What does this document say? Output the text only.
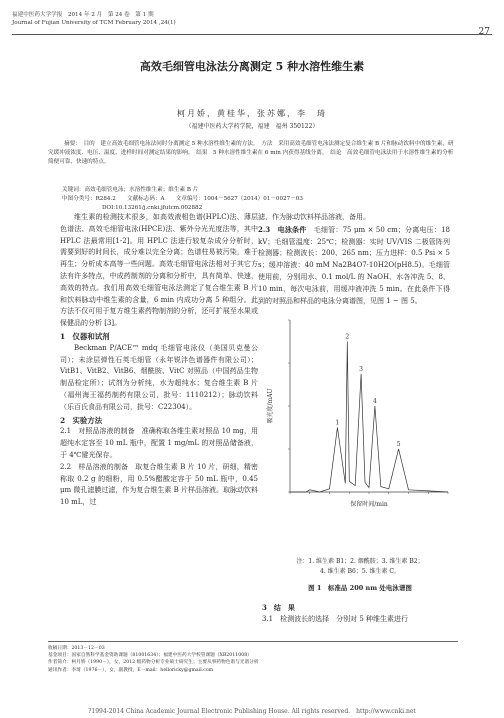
福建中医药大学学报　2014 年 2 月　第 24 卷　第 1 期
Journal of Fujian University of TCM February 2014 ,24(1)
27
高效毛细管电泳法分离测定 5 种水溶性维生素
柯月娇，黄桂华，张苏娜，李　琦
（福建中医药大学药学院，福建　福州 350122）
摘要：　目的　建立高效毛细管电泳法同时分离测定 5 种水溶性维生素的方法。　方法　采用高效毛细管电泳法测定复合维生素 B 片和脉动饮料中的维生素，研究缓冲液浓度、电压、温度、进样时间对测定结果的影响。　结果　5 种水溶性维生素在 6 min 内获得基线分离。　结论　高效毛细管电泳法用于水溶性维生素的分析简便可靠、快速的特点。
关键词：高效毛细管电泳；水溶性维生素；维生素 B 片
中图分类号：R284.2　　文献标志码：A　　文章编号：1004－5627（2014）01－0027－03
DOI:10.13261/j.cnki.jfutcm.002882

维生素的检测技术很多，如高效液相色谱(HPLC)法、薄层色谱法、高效毛细管电泳(HPCE)法、紫外分光光度法等，其中 HPLC 法最常用[1-2]。用 HPLC 法进行较复杂成分分析时，需要到好的时间长，成分难以完全分离；色谱柱易被污染，难于再生；分析成本高等一些问题。高效毛细管电泳法相对于其它方法有许多特点，中成药制剂的分离和分析中，具有简单、快速，高效的特点。我们用高效毛细管电泳法测定了复合维生素 B 片和饮料脉动中维生素的含量，6 min 内成功分离 5 种组分。此方法不仅可用于复方维生素药物制剂的分析，还可扩展至水果或保健品的分析 [3]。

1　仪器和试剂

Beckman P/ACE™ mdq 毛细管电泳仪（美国贝克曼公司）；未涂层弹性石英毛细管（永年锐沣色谱器件有限公司）；VitB1、VitB2、VitB6、烟酰胺、VitC 对照品（中国药品生物制品检定所）；试剂为分析纯，水为超纯水；复合维生素 B 片（福州海王福药制药有限公司，批号：1110212）；脉动饮料（乐百氏食品有限公司，批号：C22304）。

2　实验方法

2.1　对照品溶液的制备　 准确称取各维生素对照品 10 mg，用超纯水定容至 10 mL 瓶中，配置 1 mg/mL 的对照品储备液，于 4℃避光保存。

2.2　样品溶液的制备　 取复合维生素 B 片 10 片，研细，精密称取 0.2 g 的细粉，用 0.5%醋酸定容于 50 mL 瓶中，0.45 μm 微孔滤膜过滤，作为复合维生素 B 片样品溶液。取脉动饮料 10 mL，过

滤，作为脉动饮料样品溶液，备用。

2.3　电泳条件　 毛细管：75 μm × 50 cm；分离电压：18 kV；毛细管温度：25℃；检测器：实时 UV/VIS 二极管阵列检测器；检测波长：200、265 nm；压力进样：0.5 Psi × 5 s；缓冲溶液：40 mM Na2B4O7·10H2O(pH8.5)。毛细管使用前，分别用水、0.1 mol/L 的 NaOH、水各冲洗 5、8、10 min，每次电泳前，用缓冲液冲洗 5 min。在此条件下得到的对照品和样品的电泳分离谱图，见图 1 ~ 图 5。

1
2
3
4
5
吸光度/mAU
保留时间/min
注：1. 维生素 B1；2. 烟酰胺；3. 维生素 B2；
4. 维生素 B6；5. 维生素 C。
图 1　标准品 200 nm 处电泳谱图
3　结　果
3.1　检测波长的选择　分别对 5 种维生素进行
收稿日期：2013－12－03
基金项目：国家自然科学基金资助课题（81001634）；福建中医药大学校管课题（XB2011008）
作者简介：柯月娇（1990－），女，2012 级药物分析专业硕士研究生；主要从事药物色谱与光谱分析
通讯作者：李琦（1976－），女，副教授，E－mail：helloricky@gmail.com
?1994-2014 China Academic Journal Electronic Publishing House. All rights reserved.　http://www.cnki.net
